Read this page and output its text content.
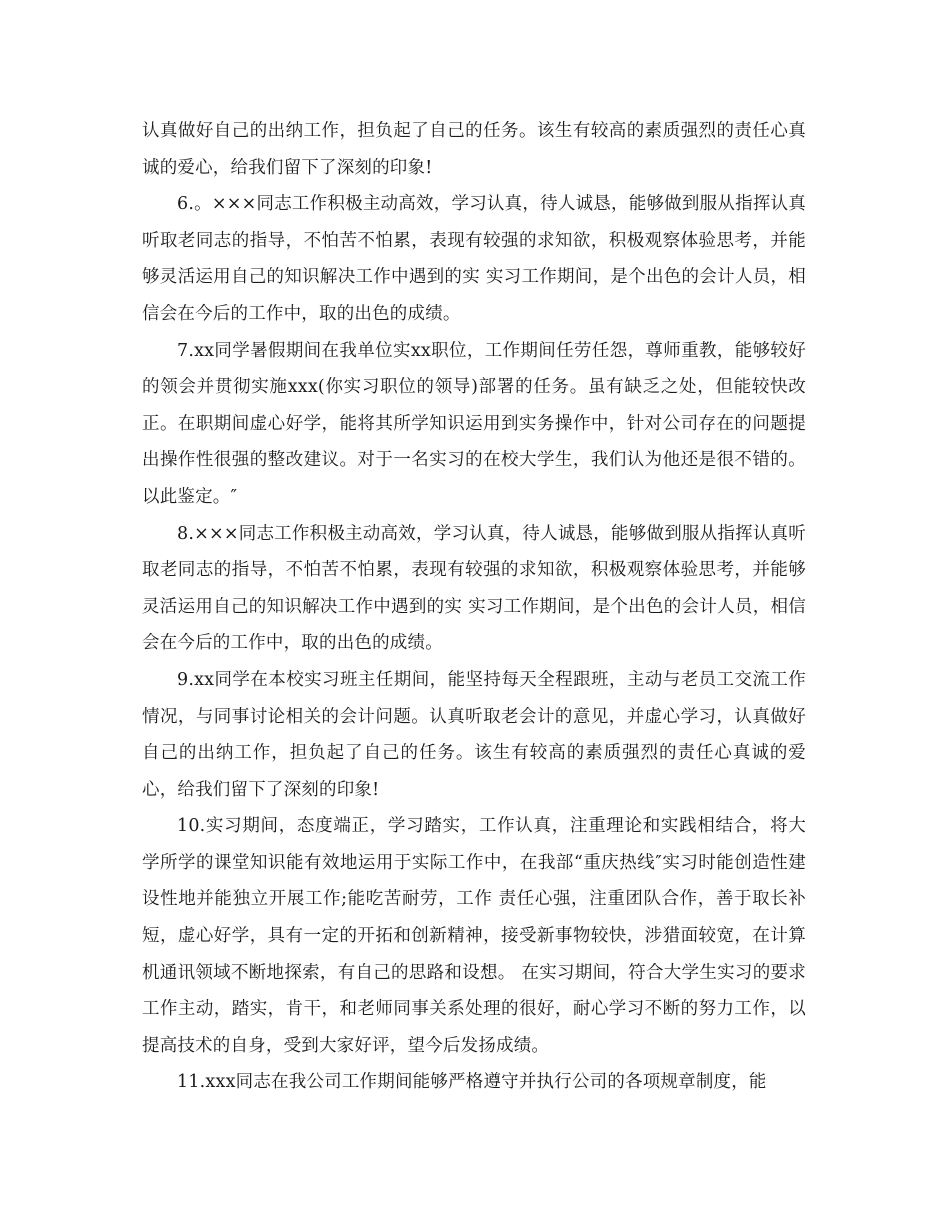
认真做好自己的出纳工作，担负起了自己的任务。该生有较高的素质强烈的责任心真诚的爱心，给我们留下了深刻的印象!

6.。×××同志工作积极主动高效，学习认真，待人诚恳，能够做到服从指挥认真听取老同志的指导，不怕苦不怕累，表现有较强的求知欲，积极观察体验思考，并能够灵活运用自己的知识解决工作中遇到的实 实习工作期间，是个出色的会计人员，相信会在今后的工作中，取的出色的成绩。

7.xx同学暑假期间在我单位实xx职位，工作期间任劳任怨，尊师重教，能够较好的领会并贯彻实施xxx(你实习职位的领导)部署的任务。虽有缺乏之处，但能较快改正。在职期间虚心好学，能将其所学知识运用到实务操作中，针对公司存在的问题提出操作性很强的整改建议。对于一名实习的在校大学生，我们认为他还是很不错的。以此鉴定。″

8.×××同志工作积极主动高效，学习认真，待人诚恳，能够做到服从指挥认真听取老同志的指导，不怕苦不怕累，表现有较强的求知欲，积极观察体验思考，并能够灵活运用自己的知识解决工作中遇到的实 实习工作期间，是个出色的会计人员，相信会在今后的工作中，取的出色的成绩。

9.xx同学在本校实习班主任期间，能坚持每天全程跟班，主动与老员工交流工作情况，与同事讨论相关的会计问题。认真听取老会计的意见，并虚心学习，认真做好自己的出纳工作，担负起了自己的任务。该生有较高的素质强烈的责任心真诚的爱心，给我们留下了深刻的印象!

10.实习期间，态度端正，学习踏实，工作认真，注重理论和实践相结合，将大学所学的课堂知识能有效地运用于实际工作中，在我部“重庆热线″实习时能创造性建设性地并能独立开展工作;能吃苦耐劳，工作 责任心强，注重团队合作，善于取长补短，虚心好学，具有一定的开拓和创新精神，接受新事物较快，涉猎面较宽，在计算机通讯领域不断地探索，有自己的思路和设想。 在实习期间，符合大学生实习的要求工作主动，踏实，肯干，和老师同事关系处理的很好，耐心学习不断的努力工作，以提高技术的自身，受到大家好评，望今后发扬成绩。

11.xxx同志在我公司工作期间能够严格遵守并执行公司的各项规章制度，能
